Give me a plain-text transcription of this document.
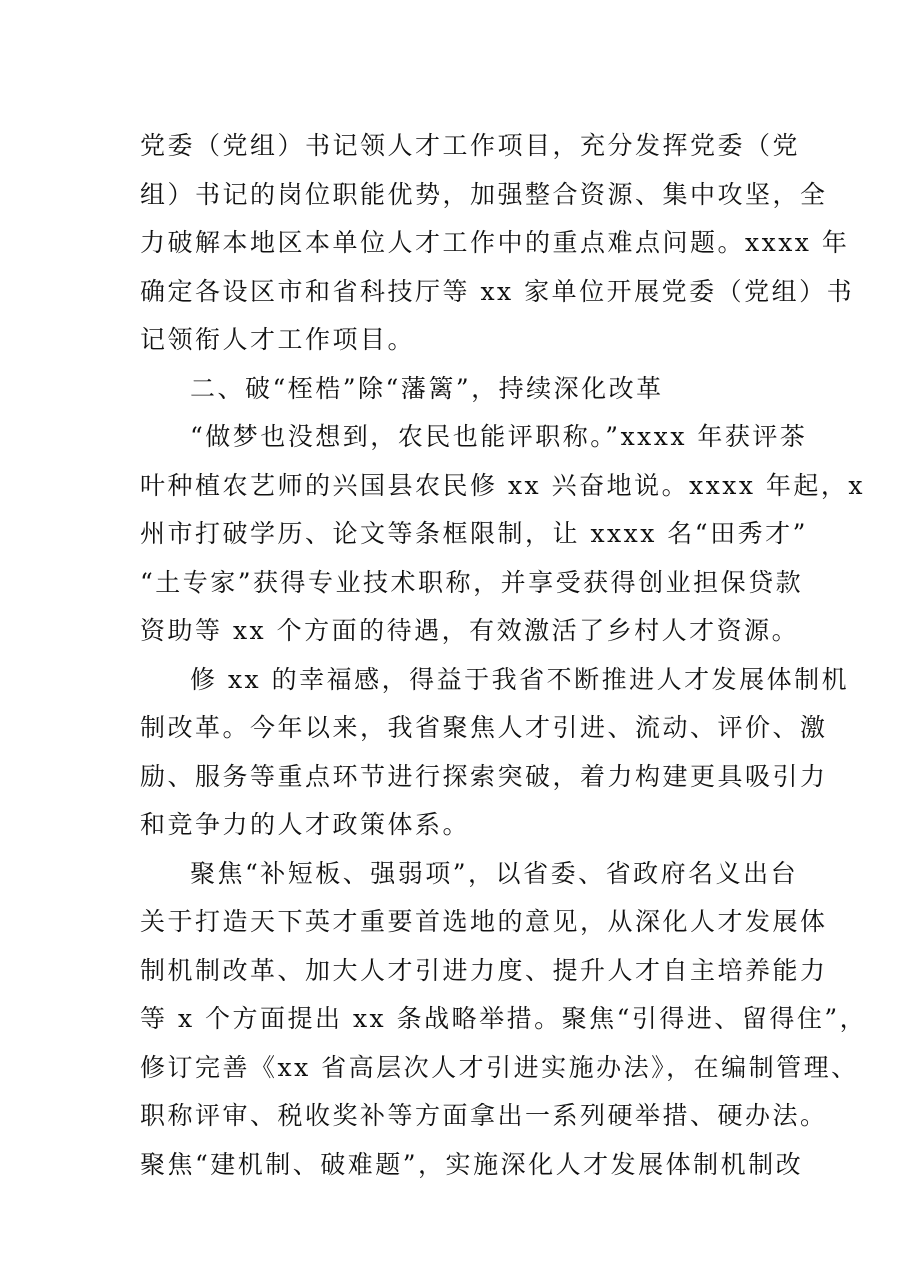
党委（党组）书记领人才工作项目，充分发挥党委（党
组）书记的岗位职能优势，加强整合资源、集中攻坚，全
力破解本地区本单位人才工作中的重点难点问题。xxxx 年
确定各设区市和省科技厅等 xx 家单位开展党委（党组）书
记领衔人才工作项目。
二、破“桎梏”除“藩篱”，持续深化改革
“做梦也没想到，农民也能评职称。”xxxx 年获评茶
叶种植农艺师的兴国县农民修 xx 兴奋地说。xxxx 年起，x
州市打破学历、论文等条框限制，让 xxxx 名“田秀才”
“土专家”获得专业技术职称，并享受获得创业担保贷款
资助等 xx 个方面的待遇，有效激活了乡村人才资源。
修 xx 的幸福感，得益于我省不断推进人才发展体制机
制改革。今年以来，我省聚焦人才引进、流动、评价、激
励、服务等重点环节进行探索突破，着力构建更具吸引力
和竞争力的人才政策体系。
聚焦“补短板、强弱项”，以省委、省政府名义出台
关于打造天下英才重要首选地的意见，从深化人才发展体
制机制改革、加大人才引进力度、提升人才自主培养能力
等 x 个方面提出 xx 条战略举措。聚焦“引得进、留得住”，
修订完善《xx 省高层次人才引进实施办法》，在编制管理、
职称评审、税收奖补等方面拿出一系列硬举措、硬办法。
聚焦“建机制、破难题”，实施深化人才发展体制机制改
